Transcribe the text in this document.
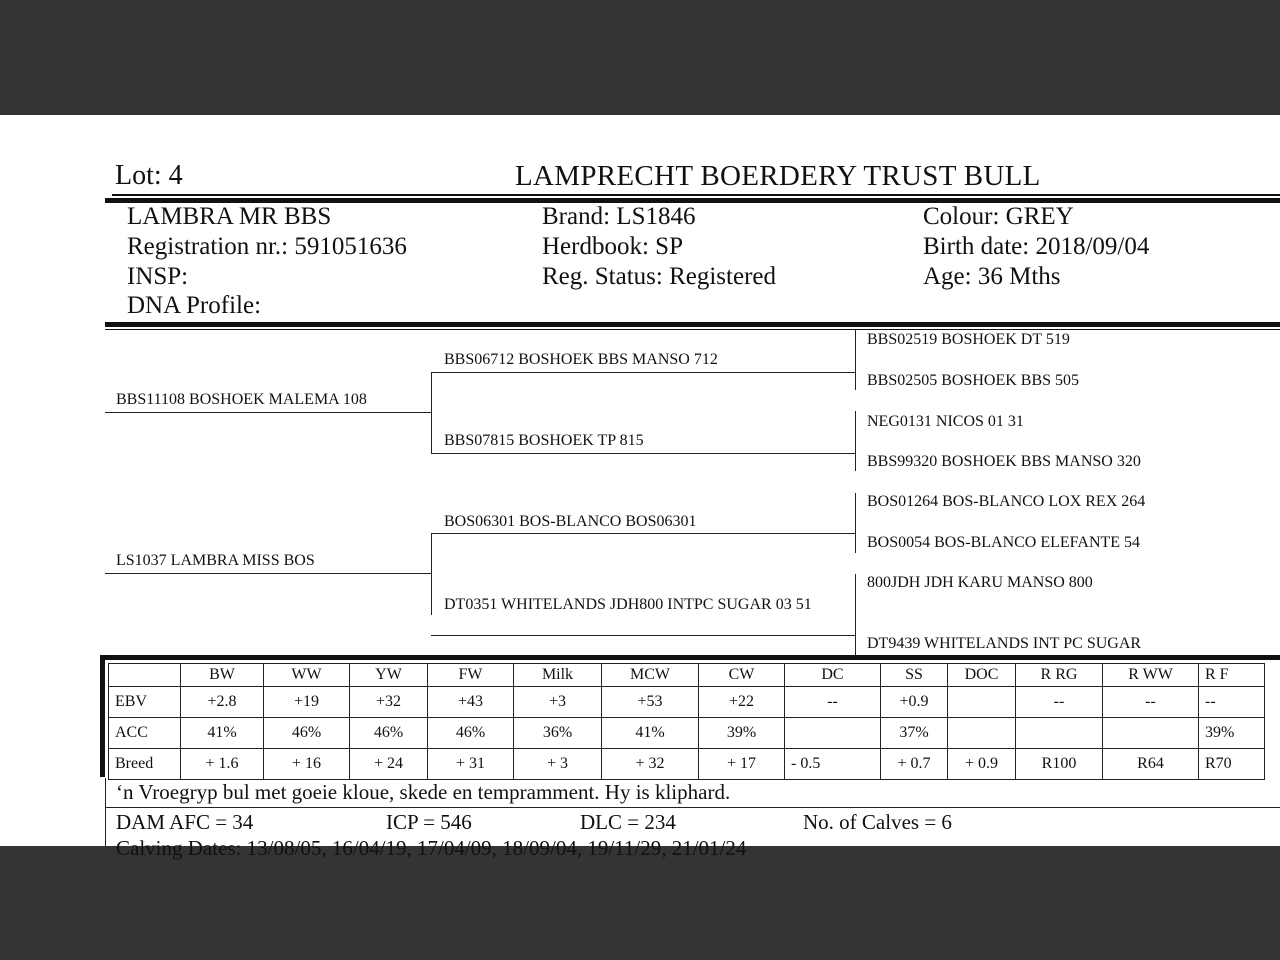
Lot: 4	LAMPRECHT BOERDERY TRUST BULL
LAMBRA MR BBS
Registration nr.: 591051636
INSP:
DNA Profile:
Brand: LS1846
Herdbook: SP
Reg. Status: Registered
Colour: GREY
Birth date: 2018/09/04
Age: 36 Mths
BBS11108 BOSHOEK MALEMA 108
LS1037 LAMBRA MISS BOS
BBS06712 BOSHOEK BBS MANSO 712
BBS07815 BOSHOEK TP 815
BOS06301 BOS-BLANCO BOS06301
DT0351 WHITELANDS JDH800 INTPC SUGAR 03 51
BBS02519 BOSHOEK DT 519
BBS02505 BOSHOEK BBS 505
NEG0131 NICOS 01 31
BBS99320 BOSHOEK BBS MANSO 320
BOS01264 BOS-BLANCO LOX REX 264
BOS0054 BOS-BLANCO ELEFANTE 54
800JDH JDH KARU MANSO 800
DT9439 WHITELANDS INT PC SUGAR
	BW	WW	YW	FW	Milk	MCW	CW	DC	SS	DOC	R RG	R WW	R F
EBV	+2.8	+19	+32	+43	+3	+53	+22	--	+0.9		--	--	--
ACC	41%	46%	46%	46%	36%	41%	39%		37%				39%
Breed	+ 1.6	+ 16	+ 24	+ 31	+ 3	+ 32	+ 17	- 0.5	+ 0.7	+ 0.9	R100	R64	R70
‘n Vroegryp bul met goeie kloue, skede en tempramment. Hy is kliphard.
DAM AFC = 34	ICP = 546	DLC = 234	No. of Calves = 6
Calving Dates: 13/08/05, 16/04/19, 17/04/09, 18/09/04, 19/11/29, 21/01/24
